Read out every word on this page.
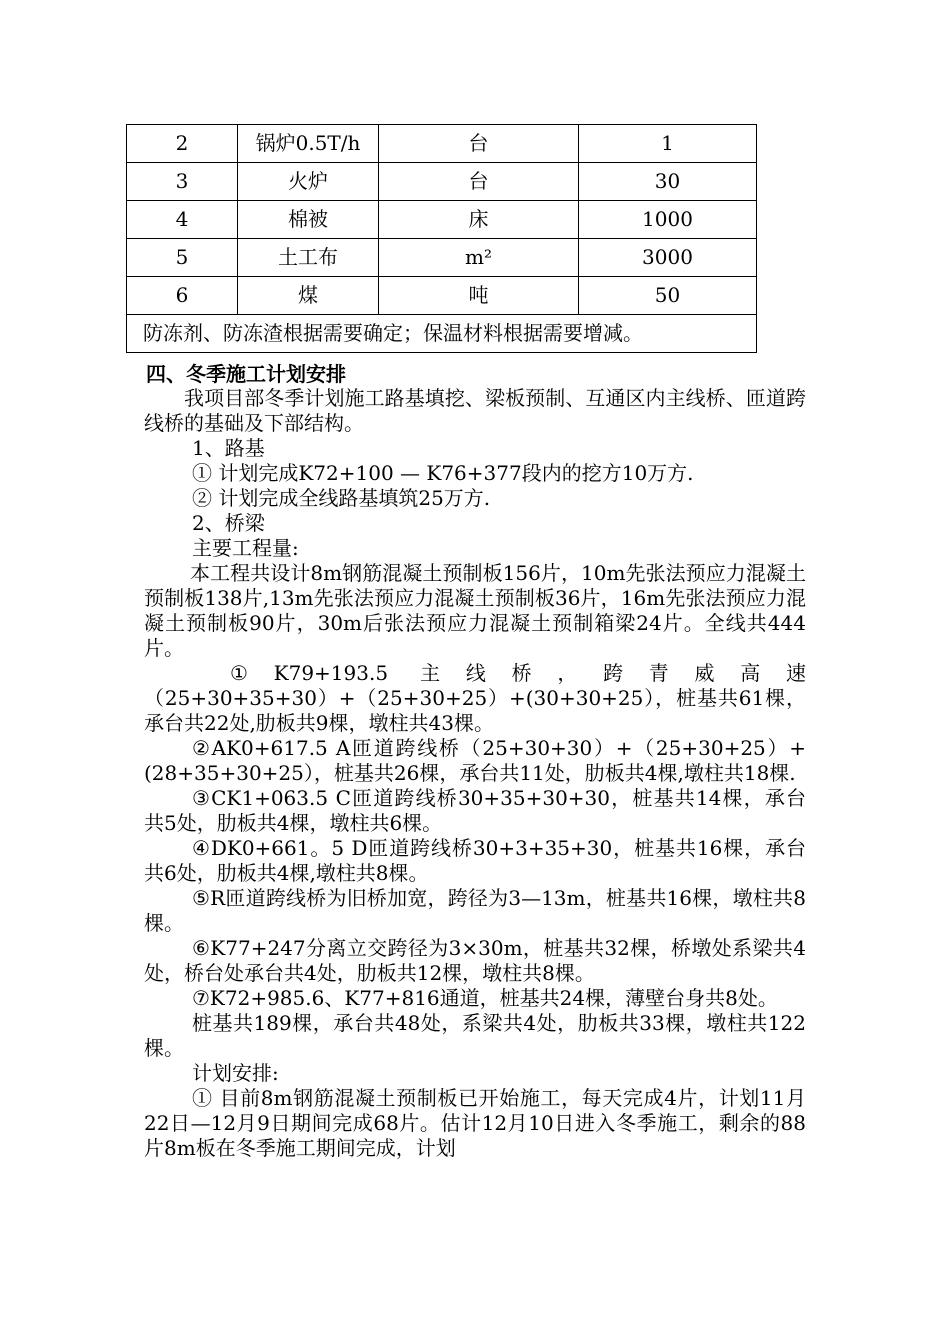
2	锅炉0.5T/h	台	1
3	火炉	台	30
4	棉被	床	1000
5	土工布	m²	3000
6	煤	吨	50
防冻剂、防冻渣根据需要确定；保温材料根据需要增减。			
四、冬季施工计划安排

我项目部冬季计划施工路基填挖、梁板预制、互通区内主线桥、匝道跨线桥的基础及下部结构。

1、路基

① 计划完成K72+100 — K76+377段内的挖方10万方.

② 计划完成全线路基填筑25万方.

2、桥梁

主要工程量:

本工程共设计8m钢筋混凝土预制板156片，10m先张法预应力混凝土预制板138片,13m先张法预应力混凝土预制板36片，16m先张法预应力混凝土预制板90片，30m后张法预应力混凝土预制箱梁24片。全线共444片。

①K79+193.5 主线桥，跨青威高速（25+30+35+30）+（25+30+25）+(30+30+25），桩基共61棵，承台共22处,肋板共9棵，墩柱共43棵。

②AK0+617.5 A匝道跨线桥（25+30+30）+（25+30+25）+(28+35+30+25），桩基共26棵，承台共11处，肋板共4棵,墩柱共18棵.

③CK1+063.5 C匝道跨线桥30+35+30+30，桩基共14棵，承台共5处，肋板共4棵，墩柱共6棵。

④DK0+661。5 D匝道跨线桥30+3+35+30，桩基共16棵，承台共6处，肋板共4棵,墩柱共8棵。

⑤R匝道跨线桥为旧桥加宽，跨径为3—13m，桩基共16棵，墩柱共8棵。

⑥K77+247分离立交跨径为3×30m，桩基共32棵，桥墩处系梁共4处，桥台处承台共4处，肋板共12棵，墩柱共8棵。

⑦K72+985.6、K77+816通道，桩基共24棵，薄壁台身共8处。

桩基共189棵，承台共48处，系梁共4处，肋板共33棵，墩柱共122棵。

计划安排:

① 目前8m钢筋混凝土预制板已开始施工，每天完成4片，计划11月22日—12月9日期间完成68片。估计12月10日进入冬季施工，剩余的88片8m板在冬季施工期间完成，计划
